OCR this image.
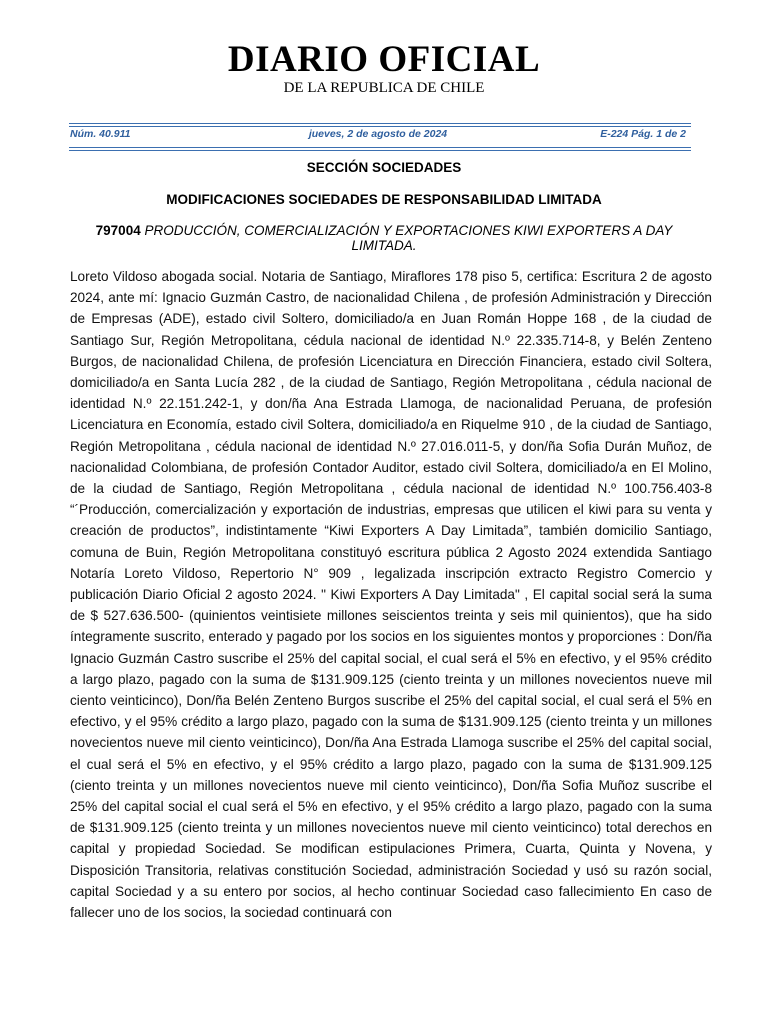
DIARIO OFICIAL
DE LA REPUBLICA DE CHILE
jueves, 2 de agosto de 2024
Núm. 40.911	E-224 Pág. 1 de 2
SECCIÓN SOCIEDADES
MODIFICACIONES SOCIEDADES DE RESPONSABILIDAD LIMITADA
797004 PRODUCCIÓN, COMERCIALIZACIÓN Y EXPORTACIONES KIWI EXPORTERS A DAY LIMITADA.
Loreto Vildoso abogada social. Notaria de Santiago, Miraflores 178 piso 5, certifica: Escritura 2 de agosto 2024, ante mí: Ignacio Guzmán Castro, de nacionalidad Chilena , de profesión Administración y Dirección de Empresas (ADE), estado civil Soltero, domiciliado/a en Juan Román Hoppe 168 , de la ciudad de Santiago Sur, Región Metropolitana, cédula nacional de identidad N.º 22.335.714-8, y Belén Zenteno Burgos, de nacionalidad Chilena, de profesión Licenciatura en Dirección Financiera, estado civil Soltera, domiciliado/a en Santa Lucía 282 , de la ciudad de Santiago, Región Metropolitana , cédula nacional de identidad N.º 22.151.242-1, y don/ña Ana Estrada Llamoga, de nacionalidad Peruana, de profesión Licenciatura en Economía, estado civil Soltera, domiciliado/a en Riquelme 910 , de la ciudad de Santiago, Región Metropolitana , cédula nacional de identidad N.º 27.016.011-5, y don/ña Sofia Durán Muñoz, de nacionalidad Colombiana, de profesión Contador Auditor, estado civil Soltera, domiciliado/a en El Molino, de la ciudad de Santiago, Región Metropolitana , cédula nacional de identidad N.º 100.756.403-8 “´Producción, comercialización y exportación de industrias, empresas que utilicen el kiwi para su venta y creación de productos”, indistintamente “Kiwi Exporters A Day Limitada”, también domicilio Santiago, comuna de Buin, Región Metropolitana constituyó escritura pública 2 Agosto 2024 extendida Santiago Notaría Loreto Vildoso, Repertorio N° 909 , legalizada inscripción extracto Registro Comercio y publicación Diario Oficial 2 agosto 2024. " Kiwi Exporters A Day Limitada" , El capital social será la suma de $ 527.636.500- (quinientos veintisiete millones seiscientos treinta y seis mil quinientos), que ha sido íntegramente suscrito, enterado y pagado por los socios en los siguientes montos y proporciones : Don/ña Ignacio Guzmán Castro suscribe el 25% del capital social, el cual será el 5% en efectivo, y el 95% crédito a largo plazo, pagado con la suma de $131.909.125 (ciento treinta y un millones novecientos nueve mil ciento veinticinco), Don/ña Belén Zenteno Burgos suscribe el 25% del capital social, el cual será el 5% en efectivo, y el 95% crédito a largo plazo, pagado con la suma de $131.909.125 (ciento treinta y un millones novecientos nueve mil ciento veinticinco), Don/ña Ana Estrada Llamoga suscribe el 25% del capital social, el cual será el 5% en efectivo, y el 95% crédito a largo plazo, pagado con la suma de $131.909.125 (ciento treinta y un millones novecientos nueve mil ciento veinticinco), Don/ña Sofia Muñoz suscribe el 25% del capital social el cual será el 5% en efectivo, y el 95% crédito a largo plazo, pagado con la suma de $131.909.125 (ciento treinta y un millones novecientos nueve mil ciento veinticinco) total derechos en capital y propiedad Sociedad. Se modifican estipulaciones Primera, Cuarta, Quinta y Novena, y Disposición Transitoria, relativas constitución Sociedad, administración Sociedad y usó su razón social, capital Sociedad y a su entero por socios, al hecho continuar Sociedad caso fallecimiento En caso de fallecer uno de los socios, la sociedad continuará con
